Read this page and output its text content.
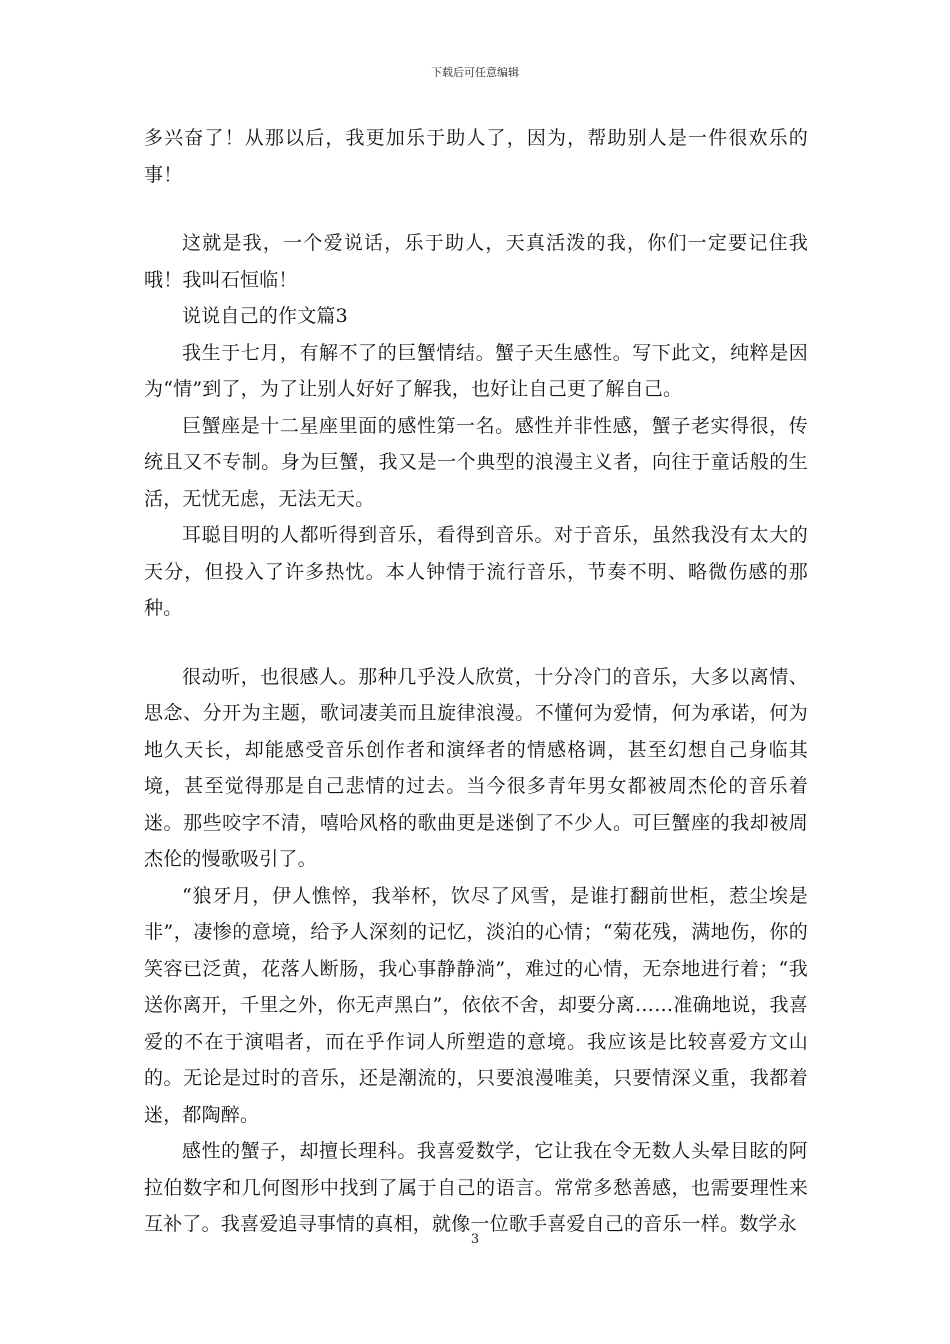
下载后可任意编辑

多兴奋了！从那以后，我更加乐于助人了，因为，帮助别人是一件很欢乐的事！

这就是我，一个爱说话，乐于助人，天真活泼的我，你们一定要记住我哦！我叫石恒临！

说说自己的作文篇3

我生于七月，有解不了的巨蟹情结。蟹子天生感性。写下此文，纯粹是因为“情”到了，为了让别人好好了解我，也好让自己更了解自己。

巨蟹座是十二星座里面的感性第一名。感性并非性感，蟹子老实得很，传统且又不专制。身为巨蟹，我又是一个典型的浪漫主义者，向往于童话般的生活，无忧无虑，无法无天。

耳聪目明的人都听得到音乐，看得到音乐。对于音乐，虽然我没有太大的天分，但投入了许多热忱。本人钟情于流行音乐，节奏不明、略微伤感的那种。

很动听，也很感人。那种几乎没人欣赏，十分冷门的音乐，大多以离情、思念、分开为主题，歌词凄美而且旋律浪漫。不懂何为爱情，何为承诺，何为地久天长，却能感受音乐创作者和演绎者的情感格调，甚至幻想自己身临其境，甚至觉得那是自己悲情的过去。当今很多青年男女都被周杰伦的音乐着迷。那些咬字不清，嘻哈风格的歌曲更是迷倒了不少人。可巨蟹座的我却被周杰伦的慢歌吸引了。

“狼牙月，伊人憔悴，我举杯，饮尽了风雪，是谁打翻前世柜，惹尘埃是非”，凄惨的意境，给予人深刻的记忆，淡泊的心情；“菊花残，满地伤，你的笑容已泛黄，花落人断肠，我心事静静淌”，难过的心情，无奈地进行着；“我送你离开，千里之外，你无声黑白”，依依不舍，却要分离……准确地说，我喜爱的不在于演唱者，而在乎作词人所塑造的意境。我应该是比较喜爱方文山的。无论是过时的音乐，还是潮流的，只要浪漫唯美，只要情深义重，我都着迷，都陶醉。

感性的蟹子，却擅长理科。我喜爱数学，它让我在令无数人头晕目眩的阿拉伯数字和几何图形中找到了属于自己的语言。常常多愁善感，也需要理性来互补了。我喜爱追寻事情的真相，就像一位歌手喜爱自己的音乐一样。数学永

3
